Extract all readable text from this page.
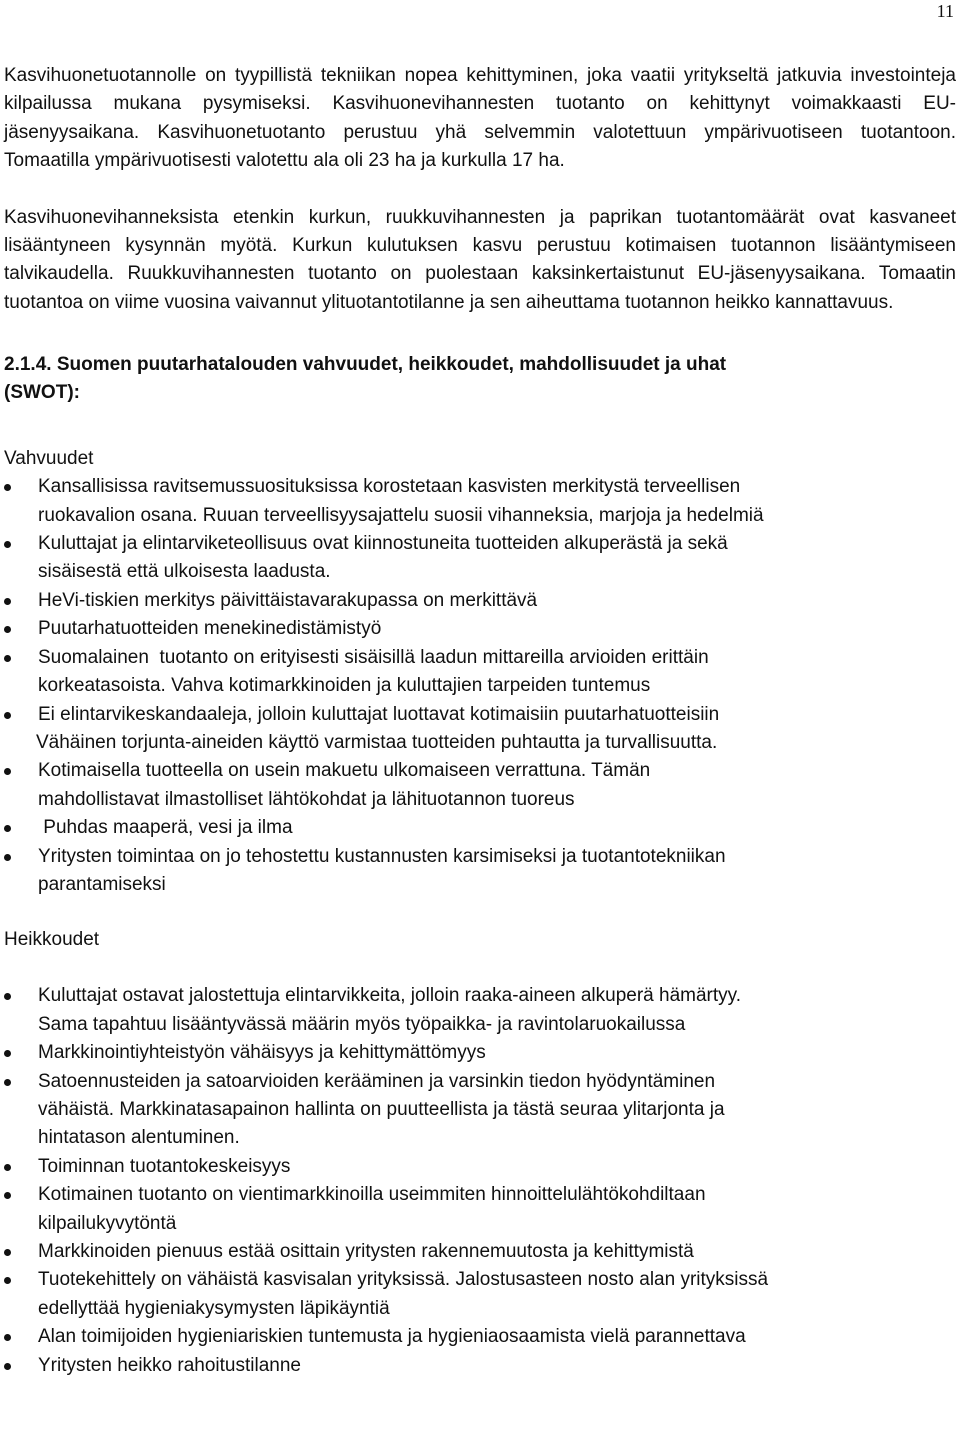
11

Kasvihuonetuotannolle on tyypillistä tekniikan nopea kehittyminen, joka vaatii yritykseltä jatkuvia investointeja kilpailussa mukana pysymiseksi. Kasvihuonevihannesten tuotanto on kehittynyt voimakkaasti EU-jäsenyysaikana. Kasvihuonetuotanto perustuu yhä selvemmin valotettuun ympärivuotiseen tuotantoon. Tomaatilla ympärivuotisesti valotettu ala oli 23 ha ja kurkulla 17 ha.

Kasvihuonevihanneksista etenkin kurkun, ruukkuvihannesten ja paprikan tuotantomäärät ovat kasvaneet lisääntyneen kysynnän myötä. Kurkun kulutuksen kasvu perustuu kotimaisen tuotannon lisääntymiseen talvikaudella. Ruukkuvihannesten tuotanto on puolestaan kaksinkertaistunut EU-jäsenyysaikana. Tomaatin tuotantoa on viime vuosina vaivannut ylituotantotilanne ja sen aiheuttama tuotannon heikko kannattavuus.

2.1.4. Suomen puutarhatalouden vahvuudet, heikkoudet, mahdollisuudet ja uhat
(SWOT):

Vahvuudet

Kansallisissa ravitsemussuosituksissa korostetaan kasvisten merkitystä terveellisen
ruokavalion osana. Ruuan terveellisyysajattelu suosii vihanneksia, marjoja ja hedelmiä
Kuluttajat ja elintarviketeollisuus ovat kiinnostuneita tuotteiden alkuperästä ja sekä
sisäisestä että ulkoisesta laadusta.
HeVi-tiskien merkitys päivittäistavarakupassa on merkittävä
Puutarhatuotteiden menekinedistämistyö
Suomalainen  tuotanto on erityisesti sisäisillä laadun mittareilla arvioiden erittäin
korkeatasoista. Vahva kotimarkkinoiden ja kuluttajien tarpeiden tuntemus
Ei elintarvikeskandaaleja, jolloin kuluttajat luottavat kotimaisiin puutarhatuotteisiin
Vähäinen torjunta-aineiden käyttö varmistaa tuotteiden puhtautta ja turvallisuutta.
Kotimaisella tuotteella on usein makuetu ulkomaiseen verrattuna. Tämän
mahdollistavat ilmastolliset lähtökohdat ja lähituotannon tuoreus
Puhdas maaperä, vesi ja ilma
Yritysten toimintaa on jo tehostettu kustannusten karsimiseksi ja tuotantotekniikan
parantamiseksi

Heikkoudet

Kuluttajat ostavat jalostettuja elintarvikkeita, jolloin raaka-aineen alkuperä hämärtyy.
Sama tapahtuu lisääntyvässä määrin myös työpaikka- ja ravintolaruokailussa
Markkinointiyhteistyön vähäisyys ja kehittymättömyys
Satoennusteiden ja satoarvioiden kerääminen ja varsinkin tiedon hyödyntäminen
vähäistä. Markkinatasapainon hallinta on puutteellista ja tästä seuraa ylitarjonta ja
hintatason alentuminen.
Toiminnan tuotantokeskeisyys
Kotimainen tuotanto on vientimarkkinoilla useimmiten hinnoittelulähtökohdiltaan
kilpailukyvytöntä
Markkinoiden pienuus estää osittain yritysten rakennemuutosta ja kehittymistä
Tuotekehittely on vähäistä kasvisalan yrityksissä. Jalostusasteen nosto alan yrityksissä
edellyttää hygieniakysymysten läpikäyntiä
Alan toimijoiden hygieniariskien tuntemusta ja hygieniaosaamista vielä parannettava
Yritysten heikko rahoitustilanne
